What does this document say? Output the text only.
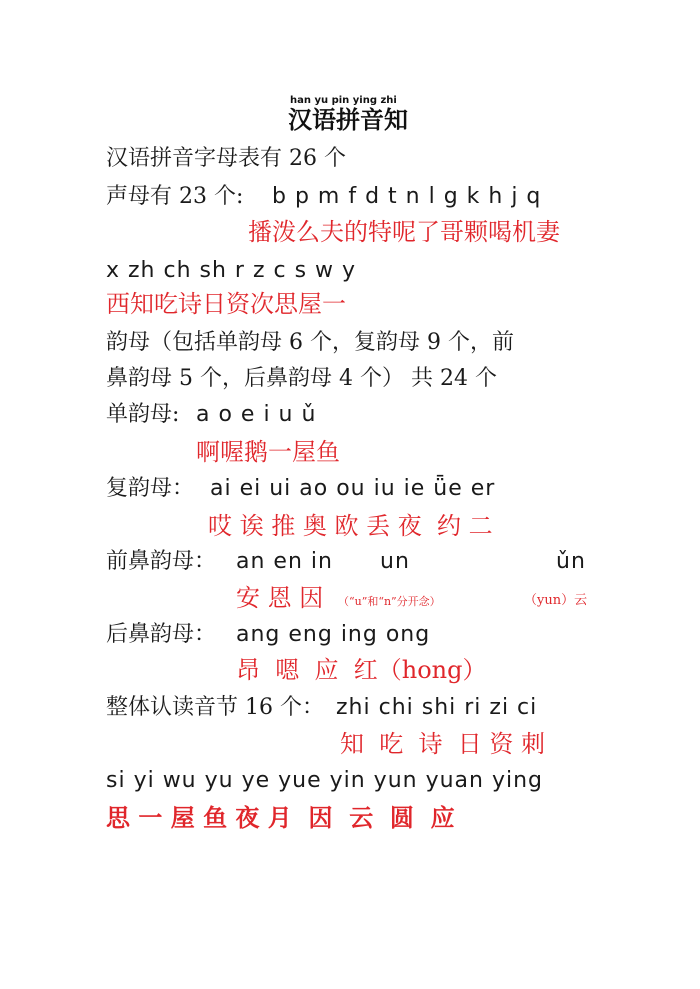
han yu pin ying zhi
汉语拼音知
汉语拼音字母表有 26 个
声母有 23 个: b p m f d t n l g k h j q
播泼么夫的特呢了哥颗喝机妻
x zh ch sh r z c s w y
西知吃诗日资次思屋一
韵母（包括单韵母 6 个，复韵母 9 个，前
鼻韵母 5 个，后鼻韵母 4 个） 共 24 个
单韵母: a o e i u ǔ
啊喔鹅一屋鱼
复韵母： ai ei ui ao ou iu ie ǖe er
哎 诶 推 奥 欧 丢 夜  约 二
前鼻韵母： an en in un	ǔn
安 恩 因 （“u”和“n”分开念）	（yun）云
后鼻韵母： ang eng ing ong
昂  嗯  应  红（hong）
整体认读音节 16 个： zhi chi shi ri zi ci
知  吃  诗  日 资 刺
si yi wu yu ye yue yin yun yuan ying
思 一 屋 鱼 夜 月  因  云  圆  应
